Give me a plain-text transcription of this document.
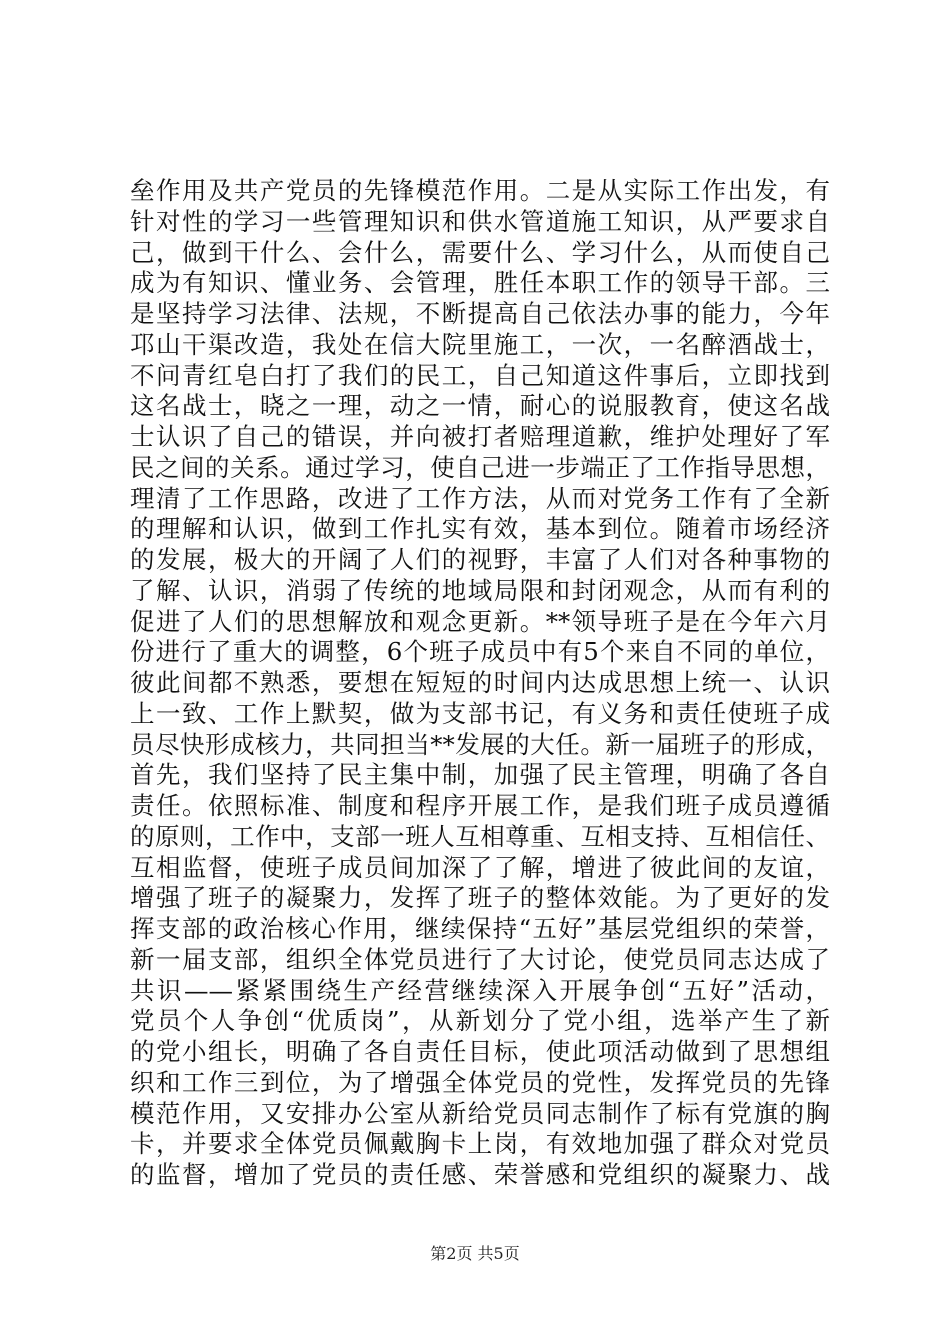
垒作用及共产党员的先锋模范作用。二是从实际工作出发，有
针对性的学习一些管理知识和供水管道施工知识，从严要求自
己，做到干什么、会什么，需要什么、学习什么，从而使自己
成为有知识、懂业务、会管理，胜任本职工作的领导干部。三
是坚持学习法律、法规，不断提高自己依法办事的能力，今年
邛山干渠改造，我处在信大院里施工，一次，一名醉酒战士，
不问青红皂白打了我们的民工，自己知道这件事后，立即找到
这名战士，晓之一理，动之一情，耐心的说服教育，使这名战
士认识了自己的错误，并向被打者赔理道歉，维护处理好了军
民之间的关系。通过学习，使自己进一步端正了工作指导思想，
理清了工作思路，改进了工作方法，从而对党务工作有了全新
的理解和认识，做到工作扎实有效，基本到位。随着市场经济
的发展，极大的开阔了人们的视野，丰富了人们对各种事物的
了解、认识，消弱了传统的地域局限和封闭观念，从而有利的
促进了人们的思想解放和观念更新。**领导班子是在今年六月
份进行了重大的调整，6个班子成员中有5个来自不同的单位，
彼此间都不熟悉，要想在短短的时间内达成思想上统一、认识
上一致、工作上默契，做为支部书记，有义务和责任使班子成
员尽快形成核力，共同担当**发展的大任。新一届班子的形成，
首先，我们坚持了民主集中制，加强了民主管理，明确了各自
责任。依照标准、制度和程序开展工作，是我们班子成员遵循
的原则，工作中，支部一班人互相尊重、互相支持、互相信任、
互相监督，使班子成员间加深了了解，增进了彼此间的友谊，
增强了班子的凝聚力，发挥了班子的整体效能。为了更好的发
挥支部的政治核心作用，继续保持“五好”基层党组织的荣誉，
新一届支部，组织全体党员进行了大讨论，使党员同志达成了
共识——紧紧围绕生产经营继续深入开展争创“五好”活动，
党员个人争创“优质岗”，从新划分了党小组，选举产生了新
的党小组长，明确了各自责任目标，使此项活动做到了思想组
织和工作三到位，为了增强全体党员的党性，发挥党员的先锋
模范作用，又安排办公室从新给党员同志制作了标有党旗的胸
卡，并要求全体党员佩戴胸卡上岗，有效地加强了群众对党员
的监督，增加了党员的责任感、荣誉感和党组织的凝聚力、战
第2页 共5页
